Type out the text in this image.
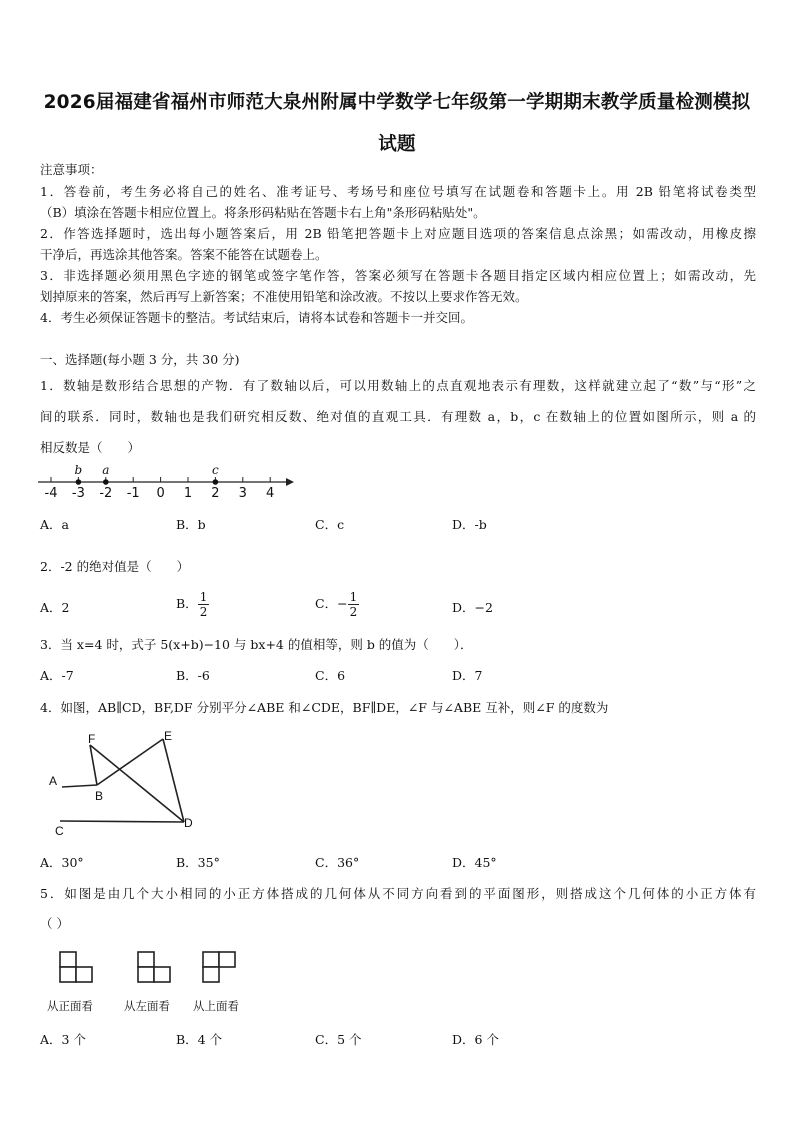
2026届福建省福州市师范大泉州附属中学数学七年级第一学期期末教学质量检测模拟
试题
注意事项：
1．答卷前，考生务必将自己的姓名、准考证号、考场号和座位号填写在试题卷和答题卡上。用 2B 铅笔将试卷类型
（B）填涂在答题卡相应位置上。将条形码粘贴在答题卡右上角"条形码粘贴处"。
2．作答选择题时，选出每小题答案后，用 2B 铅笔把答题卡上对应题目选项的答案信息点涂黑；如需改动，用橡皮擦
干净后，再选涂其他答案。答案不能答在试题卷上。
3．非选择题必须用黑色字迹的钢笔或签字笔作答，答案必须写在答题卡各题目指定区域内相应位置上；如需改动，先
划掉原来的答案，然后再写上新答案；不准使用铅笔和涂改液。不按以上要求作答无效。
4．考生必须保证答题卡的整洁。考试结束后，请将本试卷和答题卡一并交回。
一、选择题(每小题 3 分，共 30 分)
1．数轴是数形结合思想的产物．有了数轴以后，可以用数轴上的点直观地表示有理数，这样就建立起了“数”与“形”之
间的联系．同时，数轴也是我们研究相反数、绝对值的直观工具．有理数 a，b，c 在数轴上的位置如图所示，则 a 的
相反数是（　　）
-4 -3 -2 -1 0 1 2 3 4
b a	c
A．a	B．b	C．c	D．-b
2．-2 的绝对值是（　　）
A．2	B． $\frac{1}{2}$	C．− $\frac{1}{2}$	D．−2
3．当 x=4 时，式子 5(x+b)−10 与 bx+4 的值相等，则 b 的值为（　　）．
A．-7	B．-6	C．6	D．7
4．如图，AB∥CD，BF,DF 分别平分∠ABE 和∠CDE，BF∥DE，∠F 与∠ABE 互补，则∠F 的度数为
A
B
C
D
E
F
A．30°	B．35°	C．36°	D．45°
5．如图是由几个大小相同的小正方体搭成的几何体从不同方向看到的平面图形，则搭成这个几何体的小正方体有
（ ）
从正面看	从左面看 从上面看
A．3 个	B．4 个	C．5 个	D．6 个
